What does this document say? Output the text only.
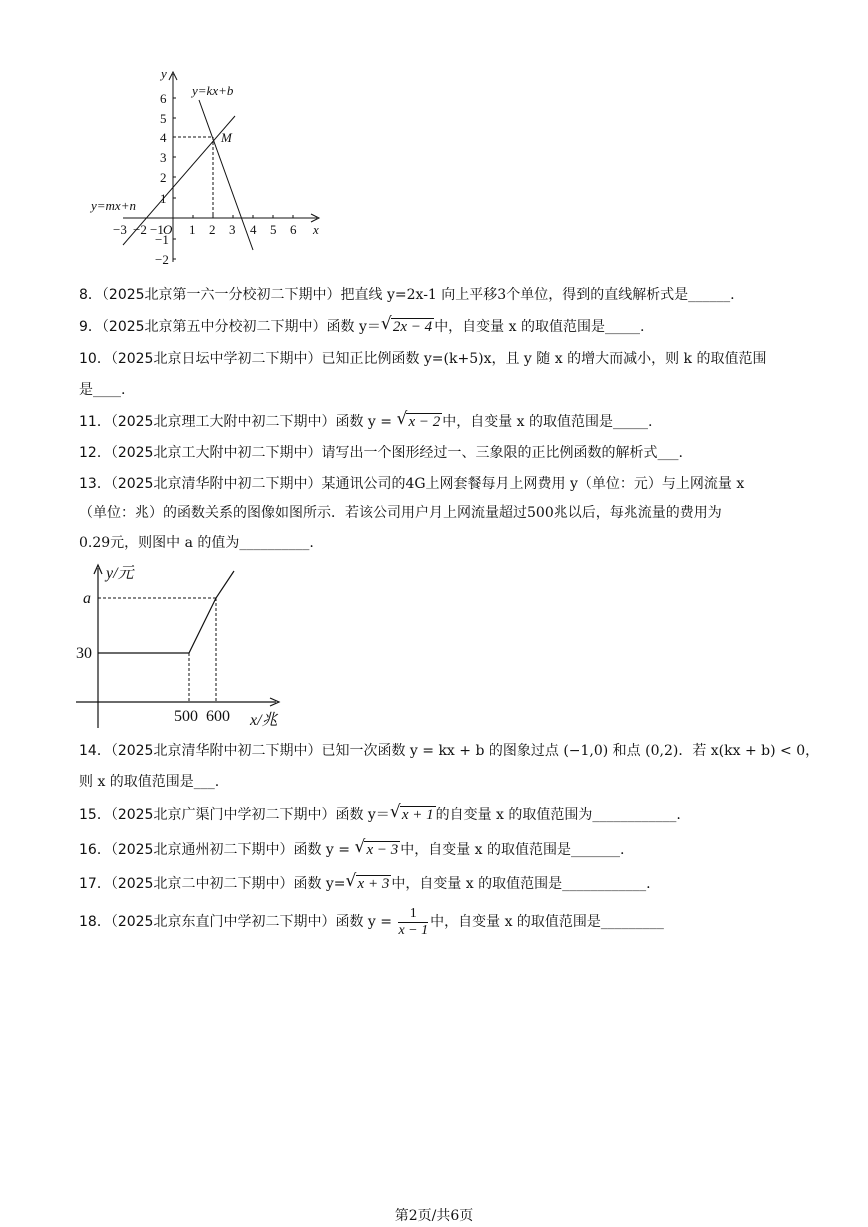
y
x
6
5
4
3
2
1
−1
−2
−3 −2 −1 O 1 2 3 4 5 6
y=kx+b
y=mx+n
M
8．（2025北京第一六一分校初二下期中）把直线 y=2x-1 向上平移3个单位，得到的直线解析式是______.
9．（2025北京第五中分校初二下期中）函数 y＝ √ 2x − 4 中，自变量 x 的取值范围是_____.
10．（2025北京日坛中学初二下期中）已知正比例函数 y=(k+5)x，且 y 随 x 的增大而减小，则 k 的取值范围
是____.
11．（2025北京理工大附中初二下期中）函数 y = √ x − 2 中，自变量 x 的取值范围是_____.
12．（2025北京工大附中初二下期中）请写出一个图形经过一、三象限的正比例函数的解析式___.
13．（2025北京清华附中初二下期中）某通讯公司的4G上网套餐每月上网费用 y（单位：元）与上网流量 x
（单位：兆）的函数关系的图像如图所示．若该公司用户月上网流量超过500兆以后，每兆流量的费用为
0.29元，则图中 a 的值为__________.
y/元
a
30
500 600 x/兆
14．（2025北京清华附中初二下期中）已知一次函数 y = kx + b 的图象过点 (−1,0) 和点 (0,2)．若 x(kx + b) < 0，
则 x 的取值范围是___.
15．（2025北京广渠门中学初二下期中）函数 y＝ √ x + 1 的自变量 x 的取值范围为____________.
16．（2025北京通州初二下期中）函数 y = √ x − 3 中，自变量 x 的取值范围是_______.
17．（2025北京二中初二下期中）函数 y= √ x + 3 中，自变量 x 的取值范围是____________.
18．（2025北京东直门中学初二下期中）函数 $y = \frac{1}{x - 1}$ 中，自变量 x 的取值范围是_________
第2页/共6页
